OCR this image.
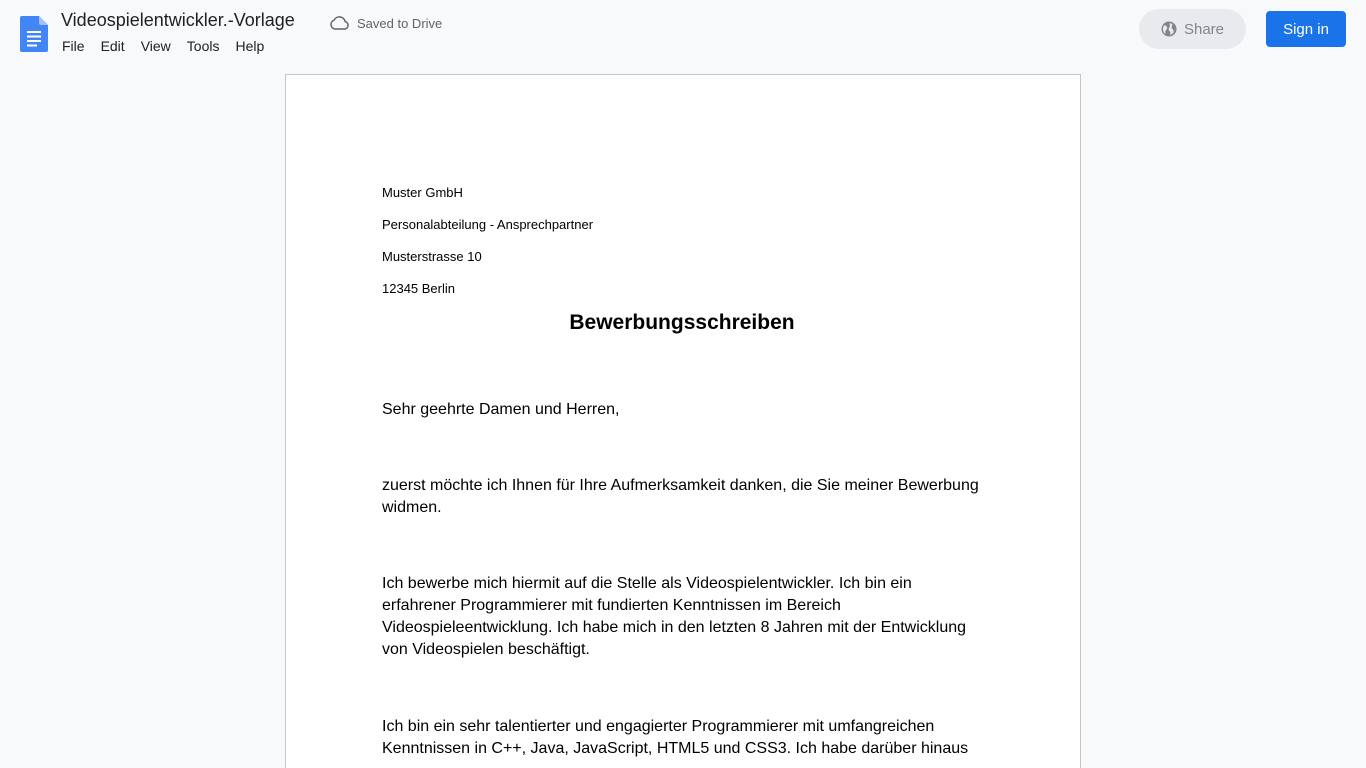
Videospielentwickler.-Vorlage	Saved to Drive
File	Edit	View	Tools	Help
Share	Sign in

Muster GmbH

Personalabteilung - Ansprechpartner

Musterstrasse 10

12345 Berlin

Bewerbungsschreiben

Sehr geehrte Damen und Herren,

zuerst möchte ich Ihnen für Ihre Aufmerksamkeit danken, die Sie meiner Bewerbung widmen.

Ich bewerbe mich hiermit auf die Stelle als Videospielentwickler. Ich bin ein erfahrener Programmierer mit fundierten Kenntnissen im Bereich Videospieleentwicklung. Ich habe mich in den letzten 8 Jahren mit der Entwicklung von Videospielen beschäftigt.

Ich bin ein sehr talentierter und engagierter Programmierer mit umfangreichen Kenntnissen in C++, Java, JavaScript, HTML5 und CSS3. Ich habe darüber hinaus
